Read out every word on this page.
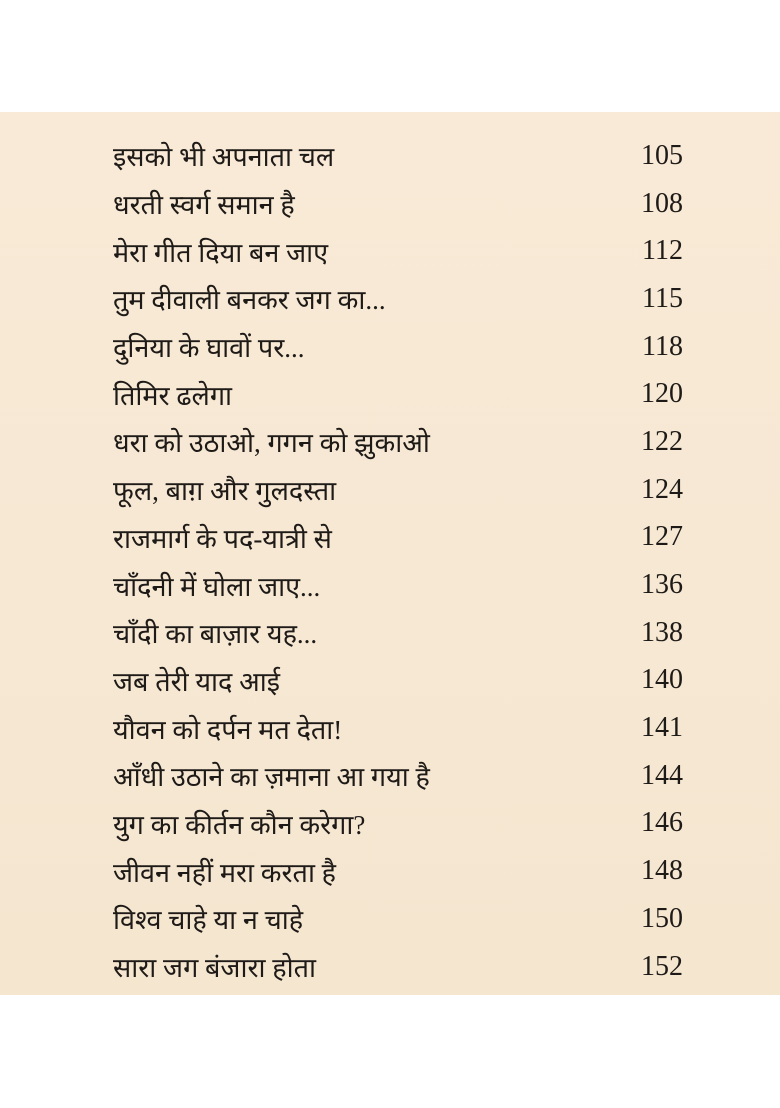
इसको भी अपनाता चल	105
धरती स्वर्ग समान है	108
मेरा गीत दिया बन जाए	112
तुम दीवाली बनकर जग का...	115
दुनिया के घावों पर...	118
तिमिर ढलेगा	120
धरा को उठाओ, गगन को झुकाओ	122
फूल, बाग़ और गुलदस्ता	124
राजमार्ग के पद-यात्री से	127
चाँदनी में घोला जाए...	136
चाँदी का बाज़ार यह...	138
जब तेरी याद आई	140
यौवन को दर्पन मत देता!	141
आँधी उठाने का ज़माना आ गया है	144
युग का कीर्तन कौन करेगा?	146
जीवन नहीं मरा करता है	148
विश्व चाहे या न चाहे	150
सारा जग बंजारा होता	152
